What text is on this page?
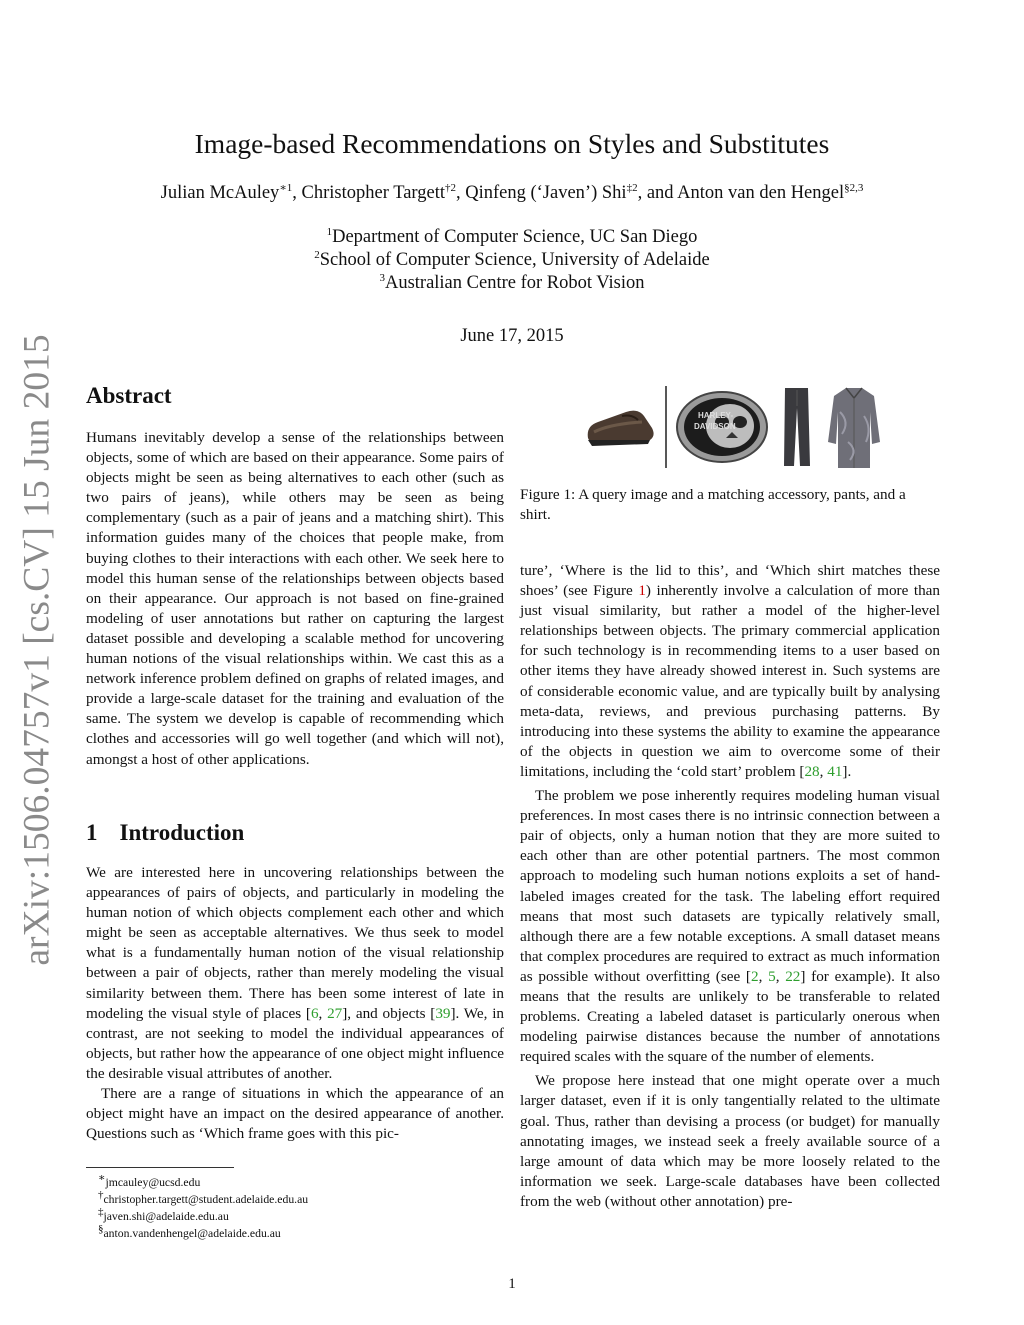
arXiv:1506.04757v1 [cs.CV] 15 Jun 2015
Image-based Recommendations on Styles and Substitutes
Julian McAuley$^{∗1}$, Christopher Targett$^{\dagger 2}$, Qinfeng (‘Javen’) Shi$^{\ddagger 2}$, and Anton van den Hengel$^{\S 2,3}$
$^1$Department of Computer Science, UC San Diego
$^2$School of Computer Science, University of Adelaide
$^3$Australian Centre for Robot Vision
June 17, 2015
Abstract

Humans inevitably develop a sense of the relationships between objects, some of which are based on their appearance. Some pairs of objects might be seen as being alternatives to each other (such as two pairs of jeans), while others may be seen as being complementary (such as a pair of jeans and a matching shirt). This information guides many of the choices that people make, from buying clothes to their interactions with each other. We seek here to model this human sense of the relationships between objects based on their appearance. Our approach is not based on fine-grained modeling of user annotations but rather on capturing the largest dataset possible and developing a scalable method for uncovering human notions of the visual relationships within. We cast this as a network inference problem defined on graphs of related images, and provide a large-scale dataset for the training and evaluation of the same. The system we develop is capable of recommending which clothes and accessories will go well together (and which will not), amongst a host of other applications.

1 Introduction

We are interested here in uncovering relationships between the appearances of pairs of objects, and particularly in modeling the human notion of which objects complement each other and which might be seen as acceptable alternatives. We thus seek to model what is a fundamentally human notion of the visual relationship between a pair of objects, rather than merely modeling the visual similarity between them. There has been some interest of late in modeling the visual style of places [6, 27], and objects [39]. We, in contrast, are not seeking to model the individual appearances of objects, but rather how the appearance of one object might influence the desirable visual attributes of another.

There are a range of situations in which the appearance of an object might have an impact on the desired appearance of another. Questions such as ‘Which frame goes with this pic-

∗jmcauley@ucsd.edu
†christopher.targett@student.adelaide.edu.au
‡javen.shi@adelaide.edu.au
§anton.vandenhengel@adelaide.edu.au
HARLEY-
DAVIDSON
Figure 1: A query image and a matching accessory, pants, and a shirt.

ture’, ‘Where is the lid to this’, and ‘Which shirt matches these shoes’ (see Figure 1) inherently involve a calculation of more than just visual similarity, but rather a model of the higher-level relationships between objects. The primary commercial application for such technology is in recommending items to a user based on other items they have already showed interest in. Such systems are of considerable economic value, and are typically built by analysing meta-data, reviews, and previous purchasing patterns. By introducing into these systems the ability to examine the appearance of the objects in question we aim to overcome some of their limitations, including the ‘cold start’ problem [28, 41].

The problem we pose inherently requires modeling human visual preferences. In most cases there is no intrinsic connection between a pair of objects, only a human notion that they are more suited to each other than are other potential partners. The most common approach to modeling such human notions exploits a set of hand-labeled images created for the task. The labeling effort required means that most such datasets are typically relatively small, although there are a few notable exceptions. A small dataset means that complex procedures are required to extract as much information as possible without overfitting (see [2, 5, 22] for example). It also means that the results are unlikely to be transferable to related problems. Creating a labeled dataset is particularly onerous when modeling pairwise distances because the number of annotations required scales with the square of the number of elements.

We propose here instead that one might operate over a much larger dataset, even if it is only tangentially related to the ultimate goal. Thus, rather than devising a process (or budget) for manually annotating images, we instead seek a freely available source of a large amount of data which may be more loosely related to the information we seek. Large-scale databases have been collected from the web (without other annotation) pre-

1
